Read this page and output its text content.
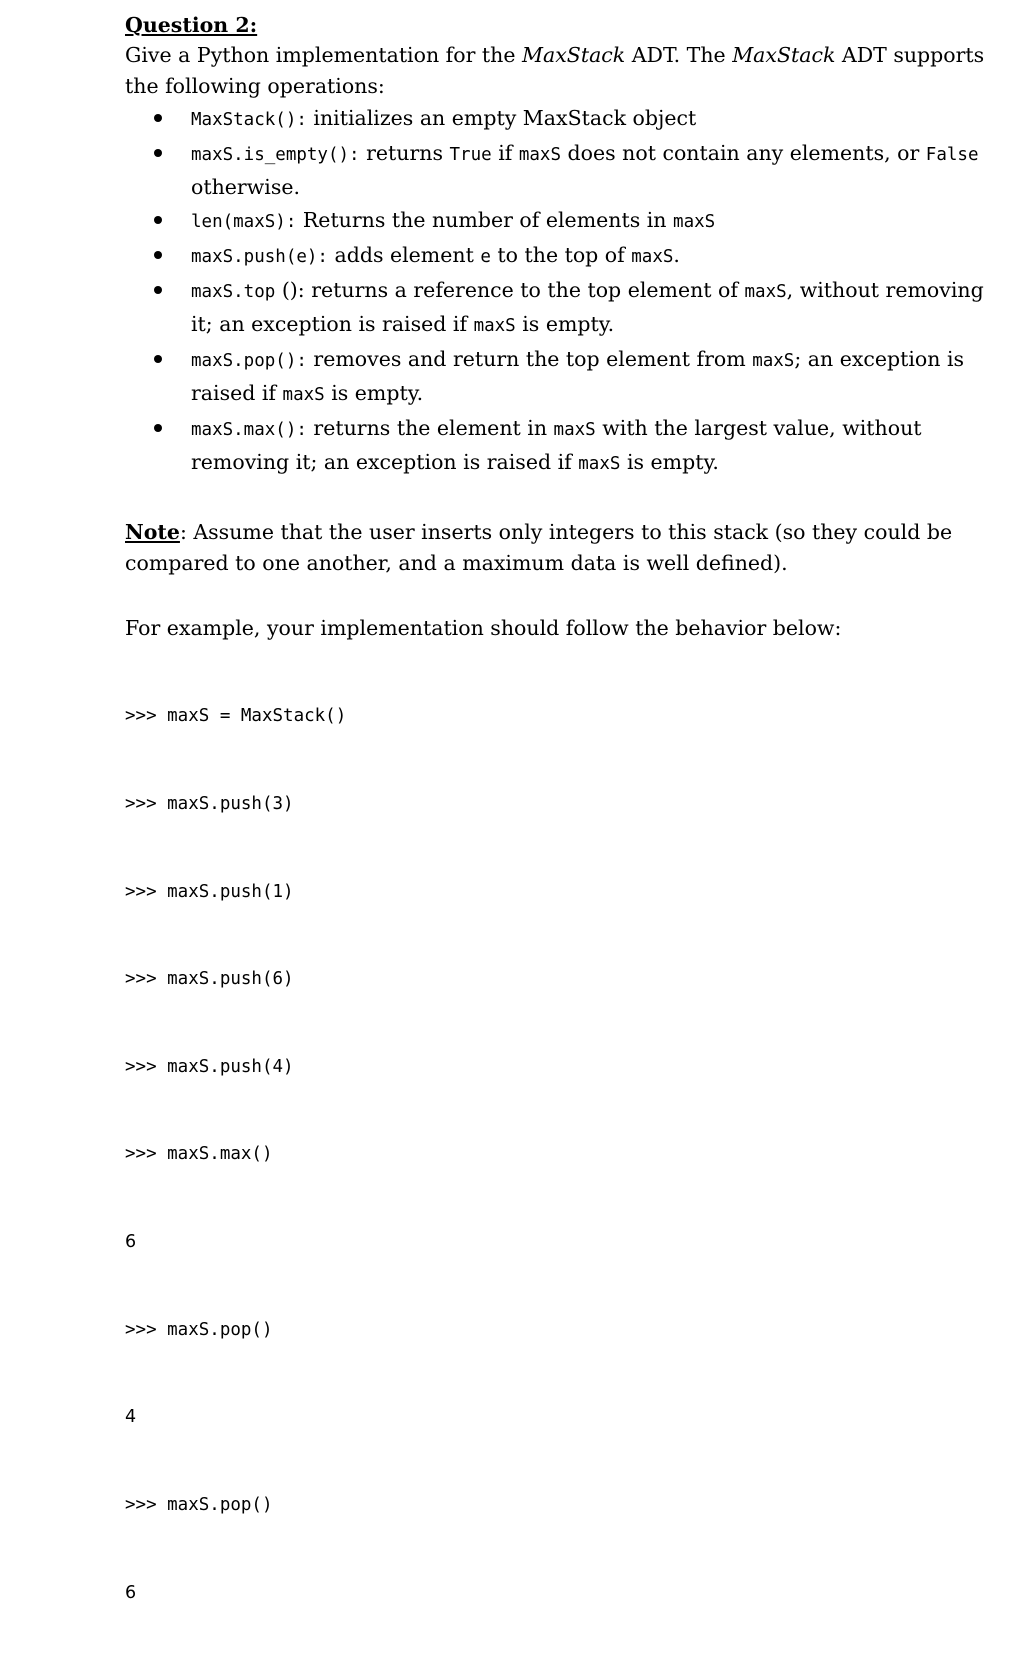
Question 2:

Give a Python implementation for the MaxStack ADT. The MaxStack ADT supports the following operations:

MaxStack(): initializes an empty MaxStack object
maxS.is_empty(): returns True if maxS does not contain any elements, or False otherwise.
len(maxS): Returns the number of elements in maxS
maxS.push(e): adds element e to the top of maxS.
maxS.top (): returns a reference to the top element of maxS, without removing it; an exception is raised if maxS is empty.
maxS.pop(): removes and return the top element from maxS; an exception is raised if maxS is empty.
maxS.max(): returns the element in maxS with the largest value, without removing it; an exception is raised if maxS is empty.

Note: Assume that the user inserts only integers to this stack (so they could be compared to one another, and a maximum data is well defined).

For example, your implementation should follow the behavior below:

>>> maxS = MaxStack()

>>> maxS.push(3)

>>> maxS.push(1)

>>> maxS.push(6)

>>> maxS.push(4)

>>> maxS.max()

6

>>> maxS.pop()

4

>>> maxS.pop()

6
